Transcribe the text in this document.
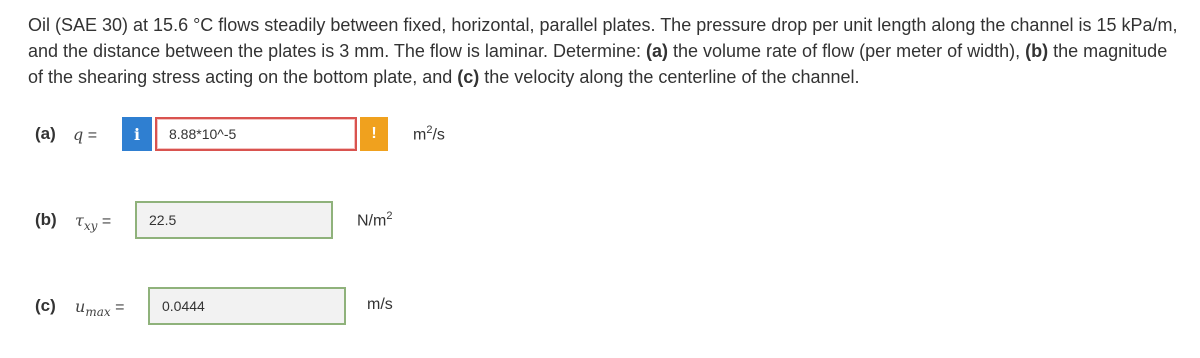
Oil (SAE 30) at 15.6 °C flows steadily between fixed, horizontal, parallel plates. The pressure drop per unit length along the channel is 15 kPa/m, and the distance between the plates is 3 mm. The flow is laminar. Determine: (a) the volume rate of flow (per meter of width), (b) the magnitude of the shearing stress acting on the bottom plate, and (c) the velocity along the centerline of the channel.

(a) q = i 8.88*10^-5	! $m^2/s$
(b) $\tau_{xy}$ =	22.5	$N/m^2$
(c) $u_{max}$ =	0.0444	m/s
